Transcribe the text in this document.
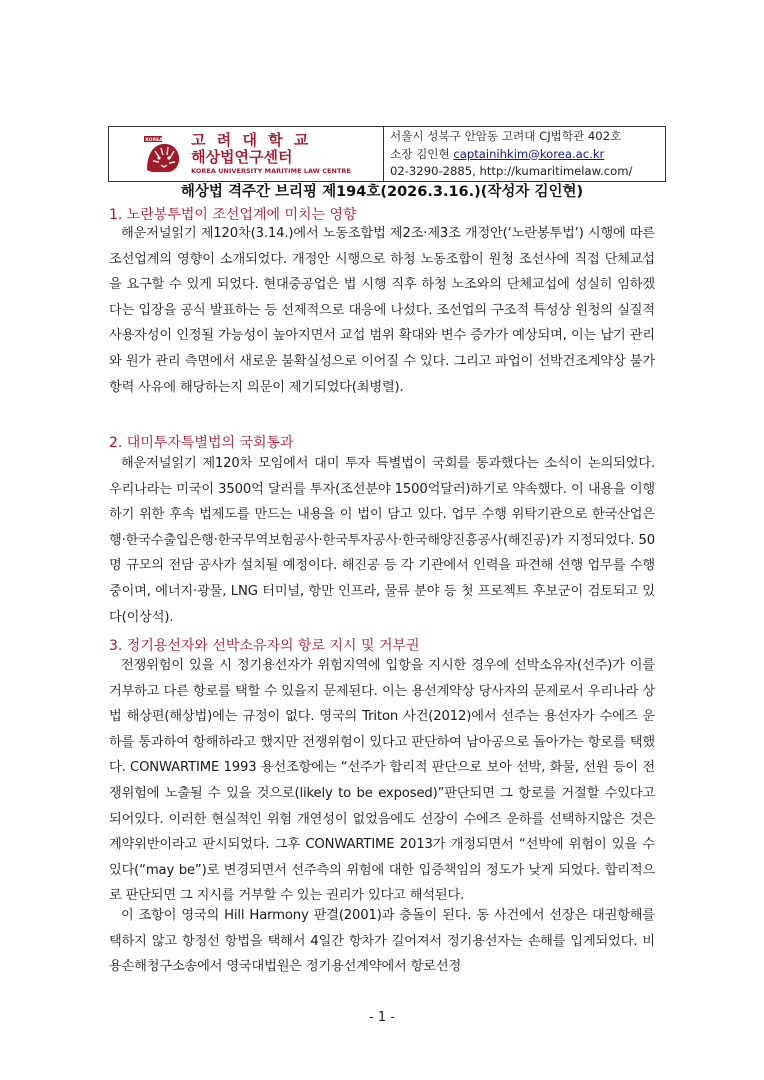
KOREA 고 려 대 학 교
해상법연구센터
KOREA UNIVERSITY MARITIME LAW CENTRE
서울시 성북구 안암동 고려대 CJ법학관 402호
소장 김인현 captainihkim@korea.ac.kr
02-3290-2885, http://kumaritimelaw.com/
해상법 격주간 브리핑 제194호(2026.3.16.)(작성자 김인현)
1. 노란봉투법이 조선업계에 미치는 영향

해운저널읽기 제120차(3.14.)에서 노동조합법 제2조·제3조 개정안(‘노란봉투법’) 시행에 따른 조선업계의 영향이 소개되었다. 개정안 시행으로 하청 노동조합이 원청 조선사에 직접 단체교섭을 요구할 수 있게 되었다. 현대중공업은 법 시행 직후 하청 노조와의 단체교섭에 성실히 임하겠다는 입장을 공식 발표하는 등 선제적으로 대응에 나섰다. 조선업의 구조적 특성상 원청의 실질적 사용자성이 인정될 가능성이 높아지면서 교섭 범위 확대와 변수 증가가 예상되며, 이는 납기 관리와 원가 관리 측면에서 새로운 불확실성으로 이어질 수 있다. 그리고 파업이 선박건조계약상 불가항력 사유에 해당하는지 의문이 제기되었다(최병렬).

2. 대미투자특별법의 국회통과

해운저널읽기 제120차 모임에서 대미 투자 특별법이 국회를 통과했다는 소식이 논의되었다. 우리나라는 미국이 3500억 달러를 투자(조선분야 1500억달러)하기로 약속했다. 이 내용을 이행하기 위한 후속 법제도를 만드는 내용을 이 법이 담고 있다. 업무 수행 위탁기관으로 한국산업은행·한국수출입은행·한국무역보험공사·한국투자공사·한국해양진흥공사(해진공)가 지정되었다. 50명 규모의 전담 공사가 설치될 예정이다. 해진공 등 각 기관에서 인력을 파견해 선행 업무를 수행 중이며, 에너지·광물, LNG 터미널, 항만 인프라, 물류 분야 등 첫 프로젝트 후보군이 검토되고 있다(이상석).

3. 정기용선자와 선박소유자의 항로 지시 및 거부권

전쟁위험이 있을 시 정기용선자가 위험지역에 입항을 지시한 경우에 선박소유자(선주)가 이를 거부하고 다른 항로를 택할 수 있을지 문제된다. 이는 용선계약상 당사자의 문제로서 우리나라 상법 해상편(해상법)에는 규정이 없다. 영국의 Triton 사건(2012)에서 선주는 용선자가 수에즈 운하를 통과하여 항해하라고 했지만 전쟁위험이 있다고 판단하여 남아공으로 돌아가는 항로를 택했다. CONWARTIME 1993 용선조항에는 “선주가 합리적 판단으로 보아 선박, 화물, 선원 등이 전쟁위험에 노출될 수 있을 것으로(likely to be exposed)”판단되면 그 항로를 거절할 수있다고 되어있다. 이러한 현실적인 위험 개연성이 없었음에도 선장이 수에즈 운하를 선택하지않은 것은 계약위반이라고 판시되었다. 그후 CONWARTIME 2013가 개정되면서 “선박에 위험이 있을 수 있다(“may be”)로 변경되면서 선주측의 위험에 대한 입증책임의 정도가 낮게 되었다. 합리적으로 판단되면 그 지시를 거부할 수 있는 권리가 있다고 해석된다.

이 조항이 영국의 Hill Harmony 판결(2001)과 충돌이 된다. 동 사건에서 선장은 대권항해를 택하지 않고 항정선 항법을 택해서 4일간 항차가 길어져서 정기용선자는 손해를 입게되었다. 비용손해청구소송에서 영국대법원은 정기용선계약에서 항로선정

- 1 -
